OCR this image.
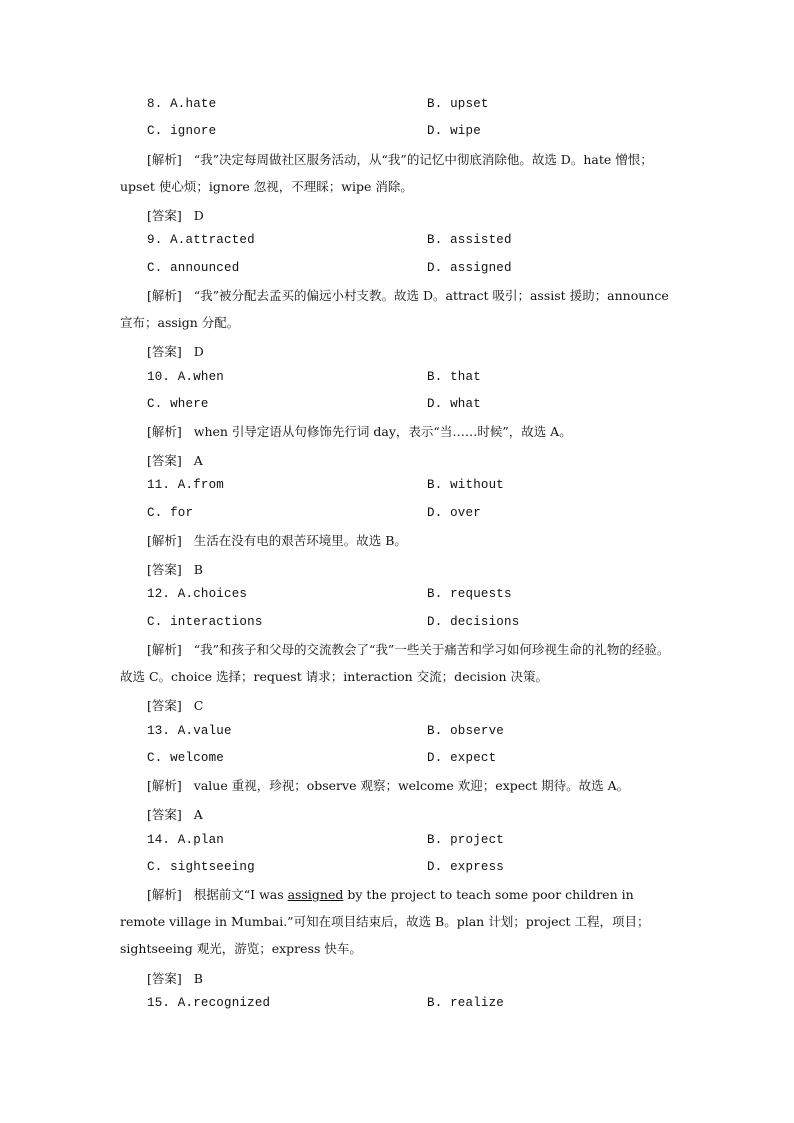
8. A.hate	B. upset
C. ignore	D. wipe
[解析] “我”决定每周做社区服务活动，从“我”的记忆中彻底消除他。故选 D。hate 憎恨；upset 使心烦；ignore 忽视，不理睬；wipe 消除。
[答案] D
9. A.attracted	B. assisted
C. announced	D. assigned
[解析] “我”被分配去孟买的偏远小村支教。故选 D。attract 吸引；assist 援助；announce 宣布；assign 分配。
[答案] D
10. A.when	B. that
C. where	D. what
[解析] when 引导定语从句修饰先行词 day，表示“当……时候”，故选 A。
[答案] A
11. A.from	B. without
C. for	D. over
[解析] 生活在没有电的艰苦环境里。故选 B。
[答案] B
12. A.choices	B. requests
C. interactions	D. decisions
[解析] “我”和孩子和父母的交流教会了“我”一些关于痛苦和学习如何珍视生命的礼物的经验。故选 C。choice 选择；request 请求；interaction 交流；decision 决策。
[答案] C
13. A.value	B. observe
C. welcome	D. expect
[解析] value 重视，珍视；observe 观察；welcome 欢迎；expect 期待。故选 A。
[答案] A
14. A.plan	B. project
C. sightseeing	D. express
[解析] 根据前文“I was assigned by the project to teach some poor children in remote village in Mumbai.”可知在项目结束后，故选 B。plan 计划；project 工程，项目；sightseeing 观光，游览；express 快车。
[答案] B
15. A.recognized	B. realize
